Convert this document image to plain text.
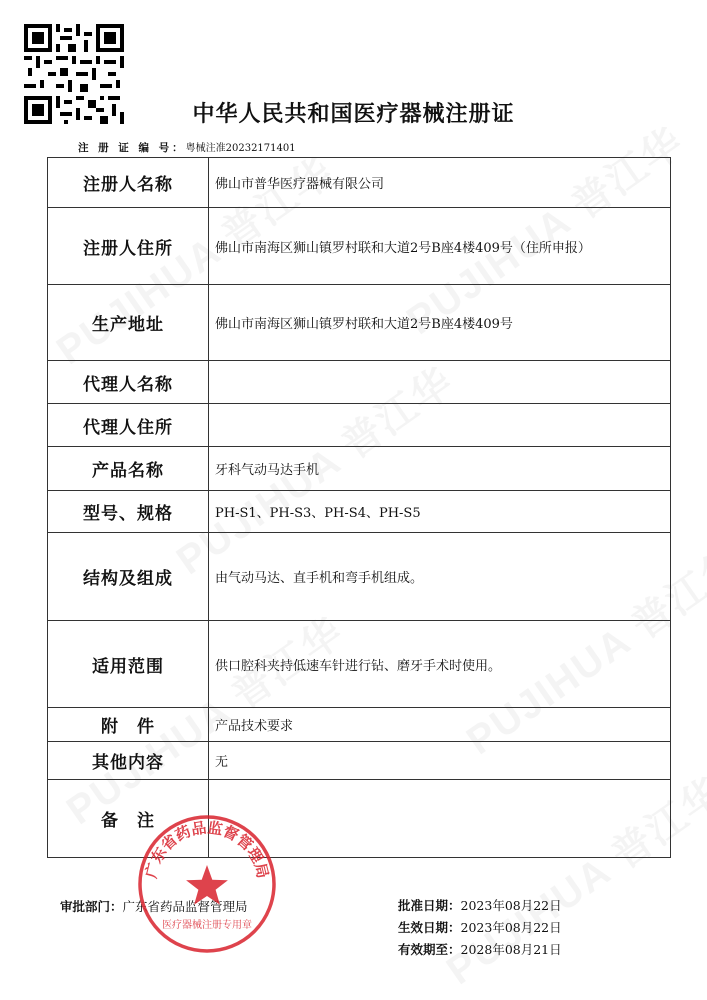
中华人民共和国医疗器械注册证
注 册 证 编 号：粤械注准20232171401
注册人名称	佛山市普华医疗器械有限公司
注册人住所	佛山市南海区狮山镇罗村联和大道2号B座4楼409号（住所申报）
生产地址	佛山市南海区狮山镇罗村联和大道2号B座4楼409号
代理人名称	
代理人住所	
产品名称	牙科气动马达手机
型号、规格	PH-S1、PH-S3、PH-S4、PH-S5
结构及组成	由气动马达、直手机和弯手机组成。
适用范围	供口腔科夹持低速车针进行钻、磨牙手术时使用。
附　件	产品技术要求
其他内容	无
备　注	
审批部门：广东省药品监督管理局	批准日期：2023年08月22日
生效日期：2023年08月22日
有效期至：2028年08月21日
广东省药品监督管理局
医疗器械注册专用章
